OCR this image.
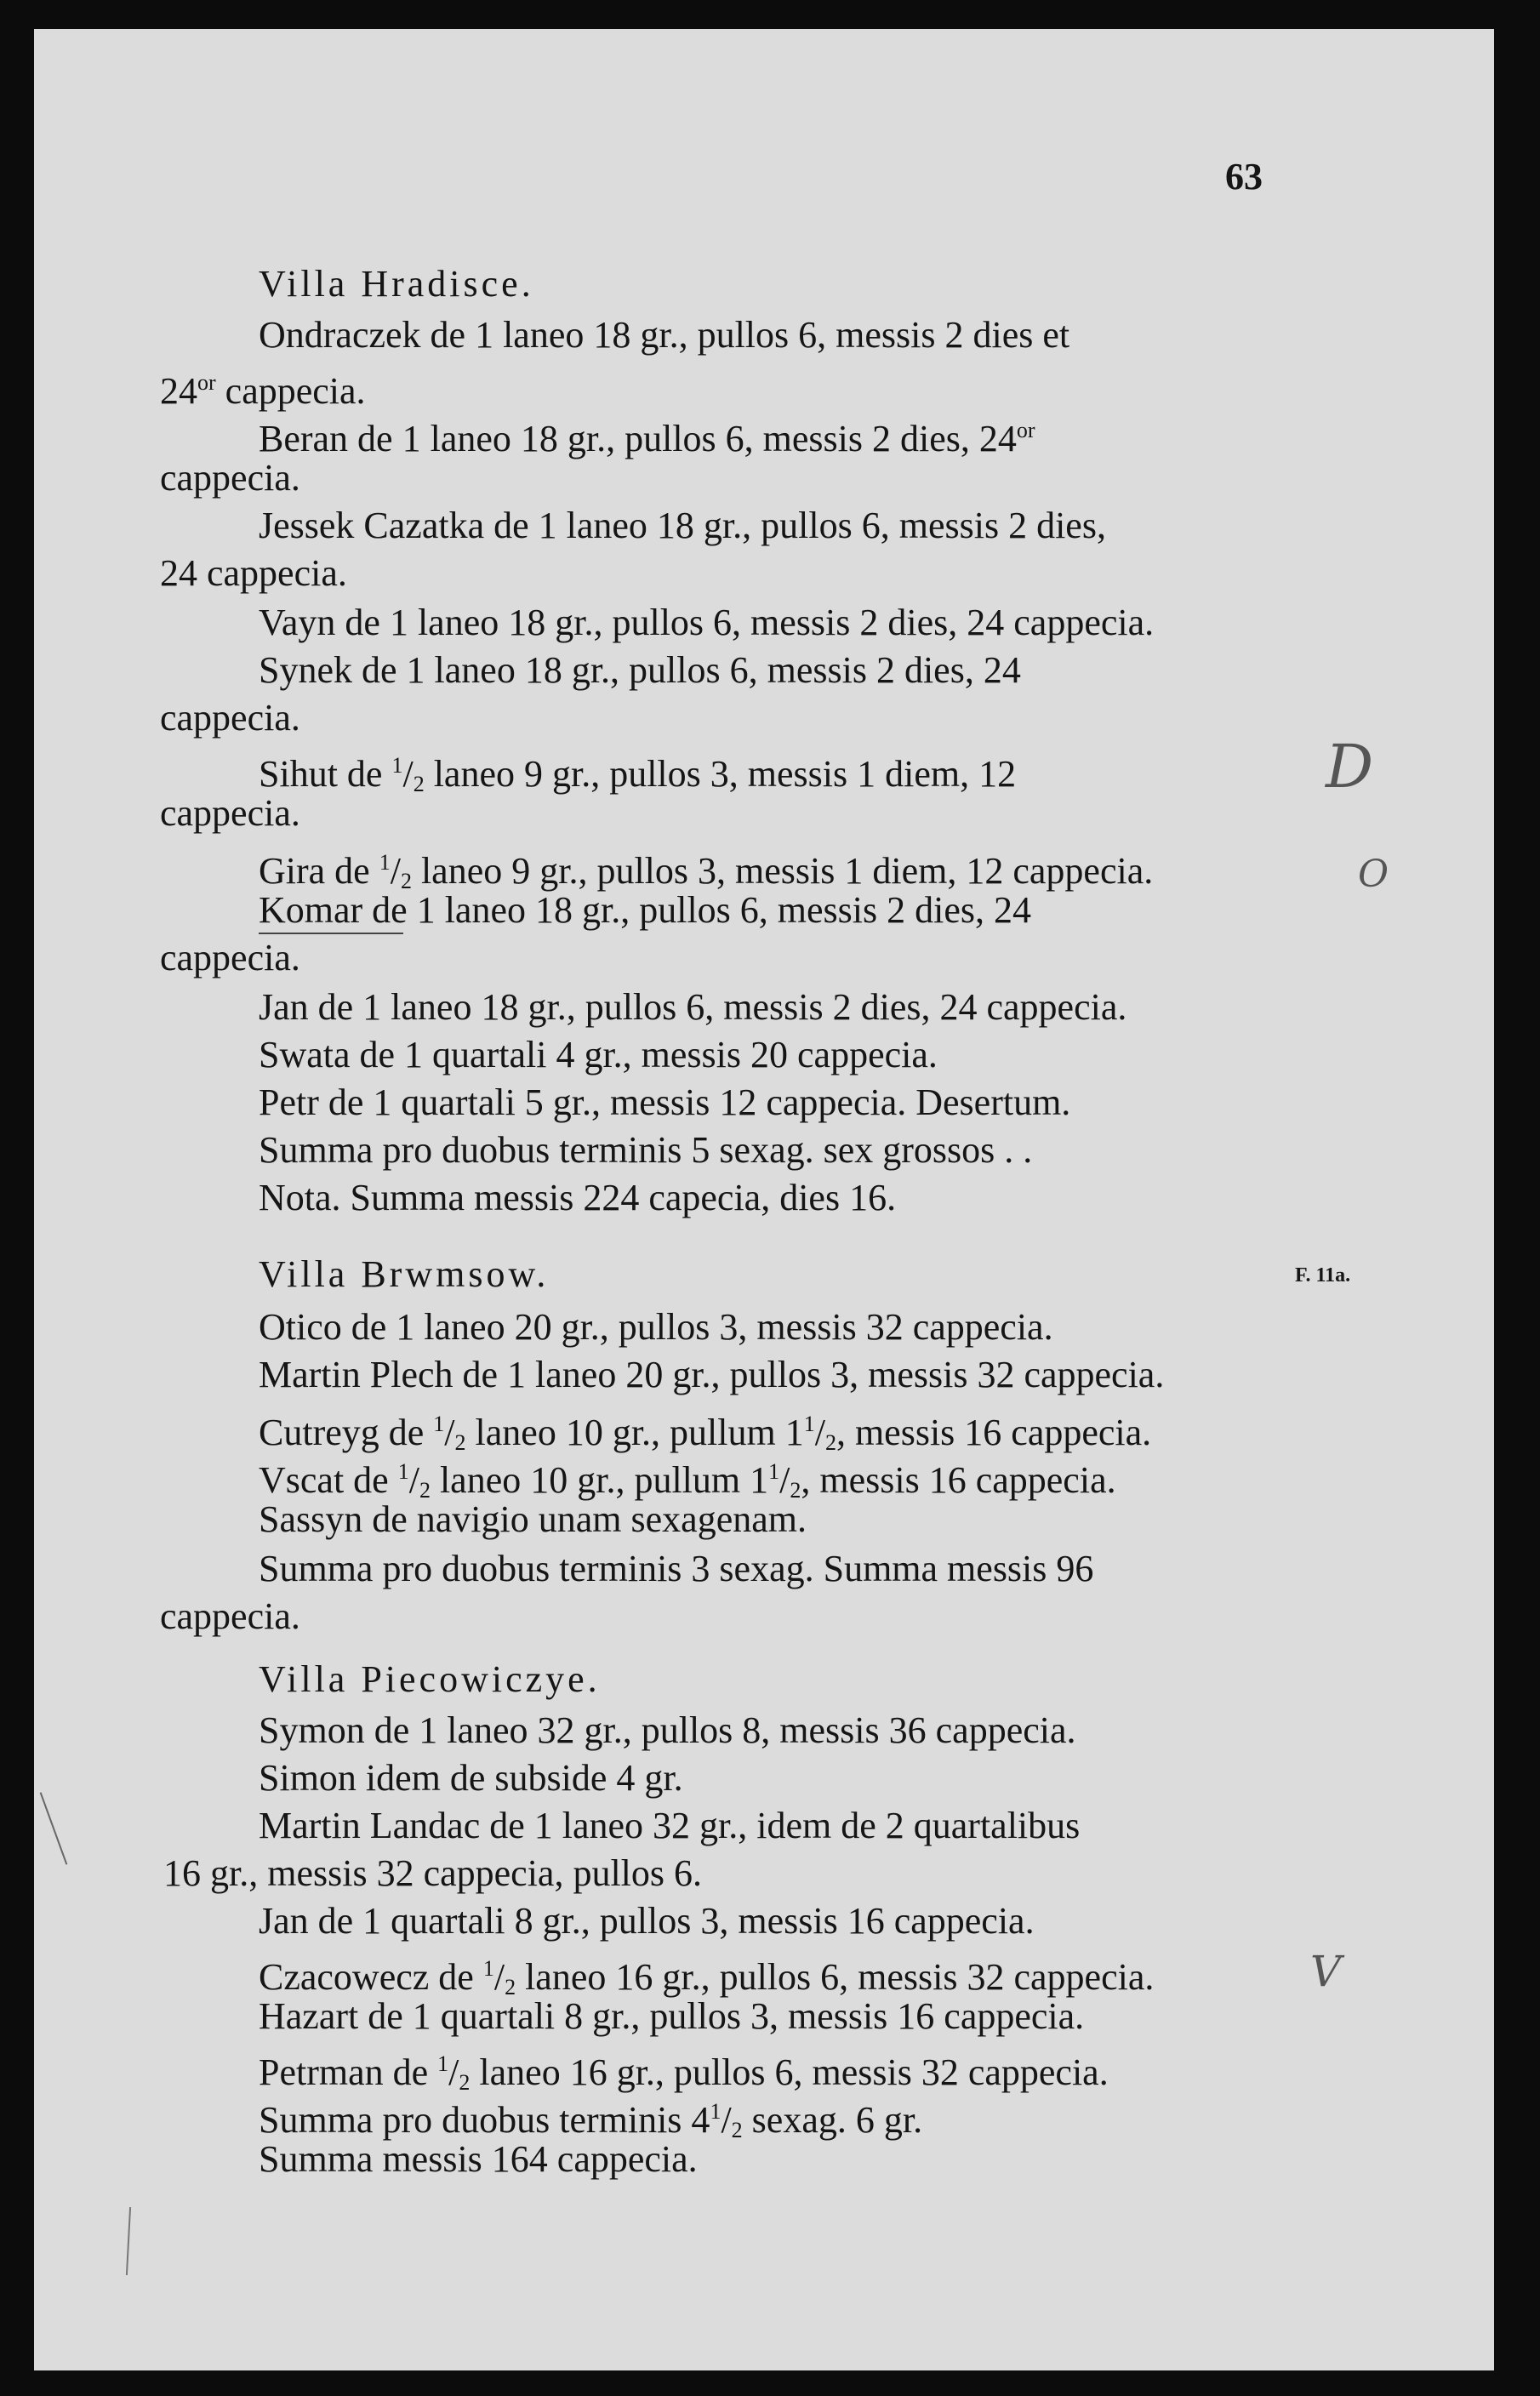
63
Villa Hradisce.
Ondraczek de 1 laneo 18 gr., pullos 6, messis 2 dies et
$24^{or}$ cappecia.
Beran de 1 laneo 18 gr., pullos 6, messis 2 dies, $24^{or}$
cappecia.
Jessek Cazatka de 1 laneo 18 gr., pullos 6, messis 2 dies,
24 cappecia.
Vayn de 1 laneo 18 gr., pullos 6, messis 2 dies, 24 cappecia.
Synek de 1 laneo 18 gr., pullos 6, messis 2 dies, 24
cappecia.
Sihut de $^1/_2$ laneo 9 gr., pullos 3, messis 1 diem, 12
cappecia.
Gira de $^1/_2$ laneo 9 gr., pullos 3, messis 1 diem, 12 cappecia.
Komar de 1 laneo 18 gr., pullos 6, messis 2 dies, 24
cappecia.
Jan de 1 laneo 18 gr., pullos 6, messis 2 dies, 24 cappecia.
Swata de 1 quartali 4 gr., messis 20 cappecia.
Petr de 1 quartali 5 gr., messis 12 cappecia. Desertum.
Summa pro duobus terminis 5 sexag. sex grossos . .
Nota. Summa messis 224 capecia, dies 16.
Villa Brwmsow.	F. 11a.
Otico de 1 laneo 20 gr., pullos 3, messis 32 cappecia.
Martin Plech de 1 laneo 20 gr., pullos 3, messis 32 cappecia.
Cutreyg de $^1/_2$ laneo 10 gr., pullum $1^1/_2$, messis 16 cappecia.
Vscat de $^1/_2$ laneo 10 gr., pullum $1^1/_2$, messis 16 cappecia.
Sassyn de navigio unam sexagenam.
Summa pro duobus terminis 3 sexag. Summa messis 96
cappecia.
Villa Piecowiczye.
Symon de 1 laneo 32 gr., pullos 8, messis 36 cappecia.
Simon idem de subside 4 gr.
Martin Landac de 1 laneo 32 gr., idem de 2 quartalibus
16 gr., messis 32 cappecia, pullos 6.
Jan de 1 quartali 8 gr., pullos 3, messis 16 cappecia.
Czacowecz de $^1/_2$ laneo 16 gr., pullos 6, messis 32 cappecia.
Hazart de 1 quartali 8 gr., pullos 3, messis 16 cappecia.
Petrman de $^1/_2$ laneo 16 gr., pullos 6, messis 32 cappecia.
Summa pro duobus terminis $4^1/_2$ sexag. 6 gr.
Summa messis 164 cappecia.
D
O
V
